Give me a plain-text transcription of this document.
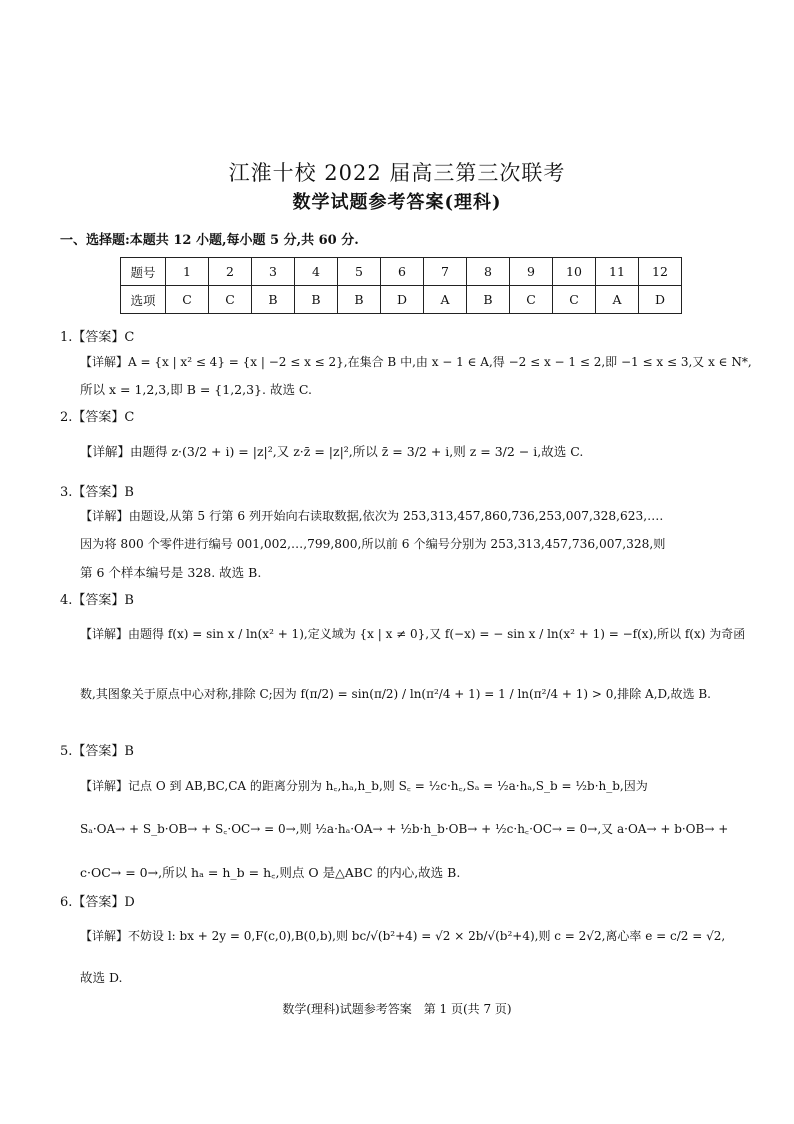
江淮十校 2022 届高三第三次联考
数学试题参考答案(理科)
一、选择题:本题共 12 小题,每小题 5 分,共 60 分.
题号	1	2	3	4	5	6	7	8	9	10	11	12
选项	C	C	B	B	B	D	A	B	C	C	A	D
1.【答案】C
【详解】A = {x | x² ≤ 4} = {x | −2 ≤ x ≤ 2},在集合 B 中,由 x − 1 ∈ A,得 −2 ≤ x − 1 ≤ 2,即 −1 ≤ x ≤ 3,又 x ∈ N*,
所以 x = 1,2,3,即 B = {1,2,3}. 故选 C.
2.【答案】C
【详解】由题得 z·(3/2 + i) = |z|²,又 z·z̄ = |z|²,所以 z̄ = 3/2 + i,则 z = 3/2 − i,故选 C.
3.【答案】B
【详解】由题设,从第 5 行第 6 列开始向右读取数据,依次为 253,313,457,860,736,253,007,328,623,….
因为将 800 个零件进行编号 001,002,…,799,800,所以前 6 个编号分别为 253,313,457,736,007,328,则
第 6 个样本编号是 328. 故选 B.
4.【答案】B
【详解】由题得 f(x) = sin x / ln(x² + 1),定义域为 {x | x ≠ 0},又 f(−x) = − sin x / ln(x² + 1) = −f(x),所以 f(x) 为奇函
数,其图象关于原点中心对称,排除 C;因为 f(π/2) = sin(π/2) / ln(π²/4 + 1) = 1 / ln(π²/4 + 1) > 0,排除 A,D,故选 B.
5.【答案】B
【详解】记点 O 到 AB,BC,CA 的距离分别为 h꜀,hₐ,h_b,则 S꜀ = ½c·h꜀,Sₐ = ½a·hₐ,S_b = ½b·h_b,因为
Sₐ·OA→ + S_b·OB→ + S꜀·OC→ = 0→,则 ½a·hₐ·OA→ + ½b·h_b·OB→ + ½c·h꜀·OC→ = 0→,又 a·OA→ + b·OB→ +
c·OC→ = 0→,所以 hₐ = h_b = h꜀,则点 O 是△ABC 的内心,故选 B.
6.【答案】D
【详解】不妨设 l: bx + 2y = 0,F(c,0),B(0,b),则 bc/√(b²+4) = √2 × 2b/√(b²+4),则 c = 2√2,离心率 e = c/2 = √2,
故选 D.
数学(理科)试题参考答案　第 1 页(共 7 页)
